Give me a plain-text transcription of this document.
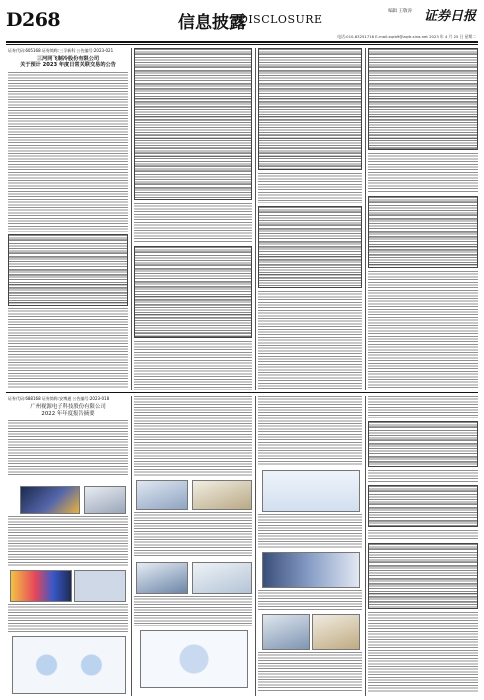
D268	信息披露
DISCLOSURE
编辑 王敬涛 证券日报
电话:010-83251716 E-mail:zqrb9@zqrb.sina.net 2023 年 4 月 25 日 星期二
证券代码:605168 证券简称:三孚新科 公告编号:2023-021
三河同飞制冷股份有限公司
关于预计 2023 年度日常关联交易的公告
证券代码:688168 证券简称:安博通 公告编号:2023-018
广州视源电子科技股份有限公司
2022 年年度报告摘要
